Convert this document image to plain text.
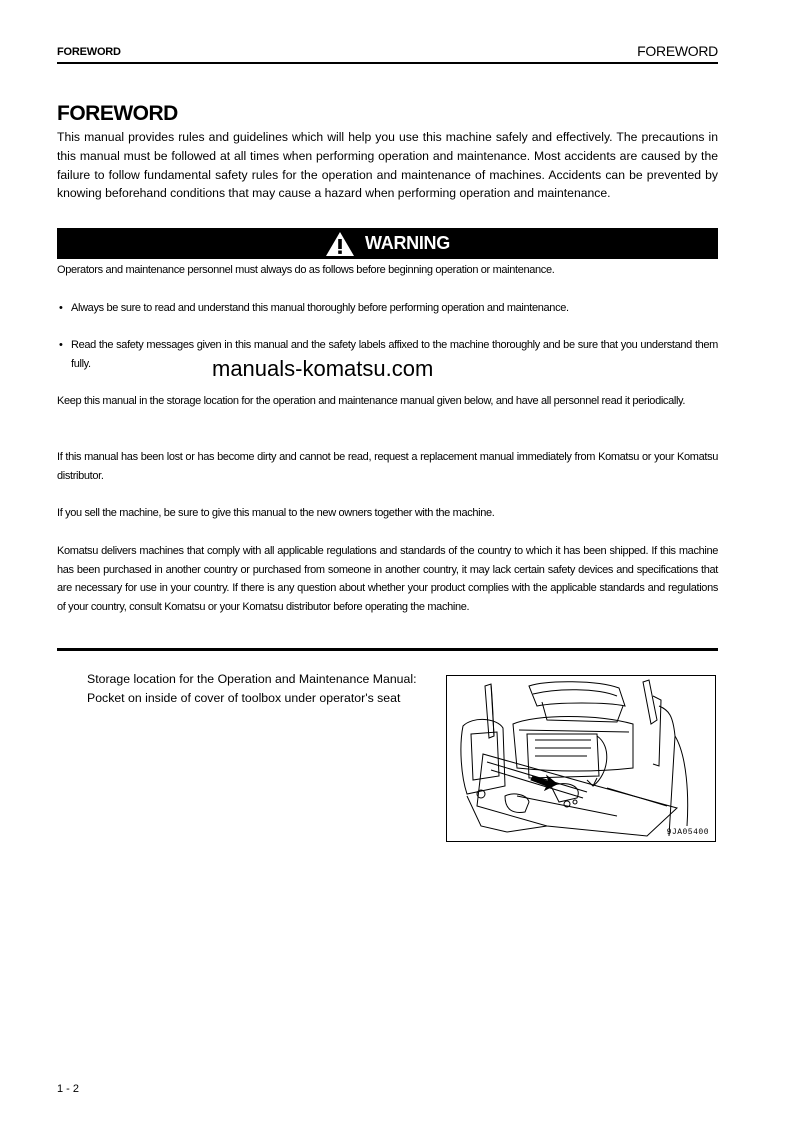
FOREWORD	FOREWORD
FOREWORD
This manual provides rules and guidelines which will help you use this machine safely and effectively. The precautions in this manual must be followed at all times when performing operation and maintenance. Most accidents are caused by the failure to follow fundamental safety rules for the operation and maintenance of machines. Accidents can be prevented by knowing beforehand conditions that may cause a hazard when performing operation and maintenance.
WARNING
Operators and maintenance personnel must always do as follows before beginning operation or maintenance.
• Always be sure to read and understand this manual thoroughly before performing operation and maintenance.
• Read the safety messages given in this manual and the safety labels affixed to the machine thoroughly and be sure that you understand them fully.	manuals-komatsu.com
Keep this manual in the storage location for the operation and maintenance manual given below, and have all personnel read it periodically.
If this manual has been lost or has become dirty and cannot be read, request a replacement manual immediately from Komatsu or your Komatsu distributor.
If you sell the machine, be sure to give this manual to the new owners together with the machine.
Komatsu delivers machines that comply with all applicable regulations and standards of the country to which it has been shipped. If this machine has been purchased in another country or purchased from someone in another country, it may lack certain safety devices and specifications that are necessary for use in your country. If there is any question about whether your product complies with the applicable standards and regulations of your country, consult Komatsu or your Komatsu distributor before operating the machine.
Storage location for the Operation and Maintenance Manual:
Pocket on inside of cover of toolbox under operator's seat
9JA05400
1 - 2
